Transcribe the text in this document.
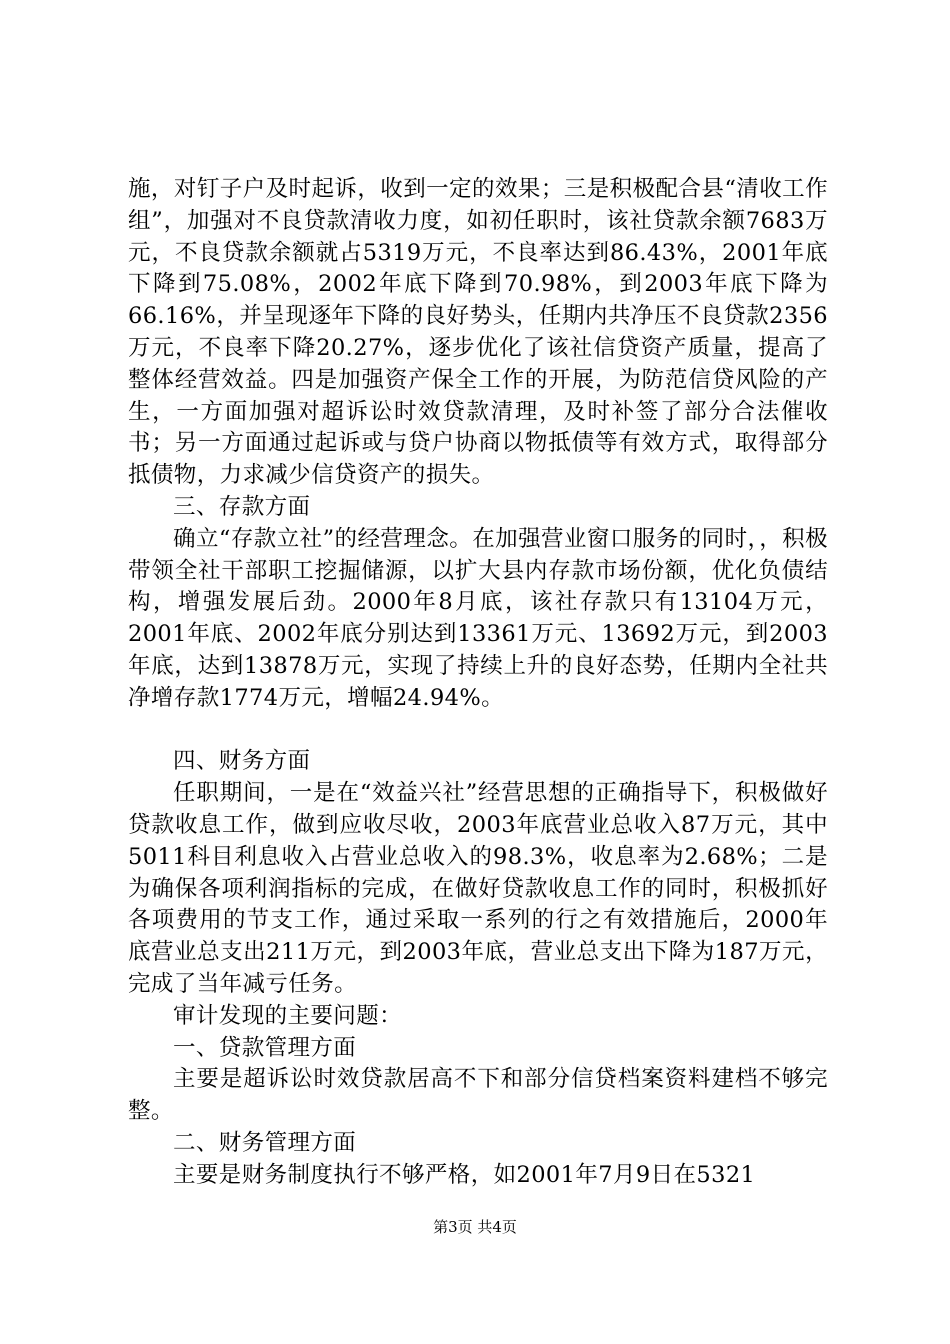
施，对钉子户及时起诉，收到一定的效果；三是积极配合县“清收工作组”，加强对不良贷款清收力度，如初任职时，该社贷款余额7683万元，不良贷款余额就占5319万元，不良率达到86.43%，2001年底下降到75.08%，2002年底下降到70.98%，到2003年底下降为66.16%，并呈现逐年下降的良好势头，任期内共净压不良贷款2356万元，不良率下降20.27%，逐步优化了该社信贷资产质量，提高了整体经营效益。四是加强资产保全工作的开展，为防范信贷风险的产生，一方面加强对超诉讼时效贷款清理，及时补签了部分合法催收书；另一方面通过起诉或与贷户协商以物抵债等有效方式，取得部分抵债物，力求减少信贷资产的损失。

三、存款方面

确立“存款立社”的经营理念。在加强营业窗口服务的同时，，积极带领全社干部职工挖掘储源，以扩大县内存款市场份额，优化负债结构，增强发展后劲。2000年8月底，该社存款只有13104万元，2001年底、2002年底分别达到13361万元、13692万元，到2003年底，达到13878万元，实现了持续上升的良好态势，任期内全社共净增存款1774万元，增幅24.94%。

四、财务方面

任职期间，一是在“效益兴社”经营思想的正确指导下，积极做好贷款收息工作，做到应收尽收，2003年底营业总收入87万元，其中5011科目利息收入占营业总收入的98.3%，收息率为2.68%；二是为确保各项利润指标的完成，在做好贷款收息工作的同时，积极抓好各项费用的节支工作，通过采取一系列的行之有效措施后，2000年底营业总支出211万元，到2003年底，营业总支出下降为187万元，完成了当年减亏任务。

审计发现的主要问题：

一、贷款管理方面

主要是超诉讼时效贷款居高不下和部分信贷档案资料建档不够完整。

二、财务管理方面

主要是财务制度执行不够严格，如2001年7月9日在5321

第3页 共4页
